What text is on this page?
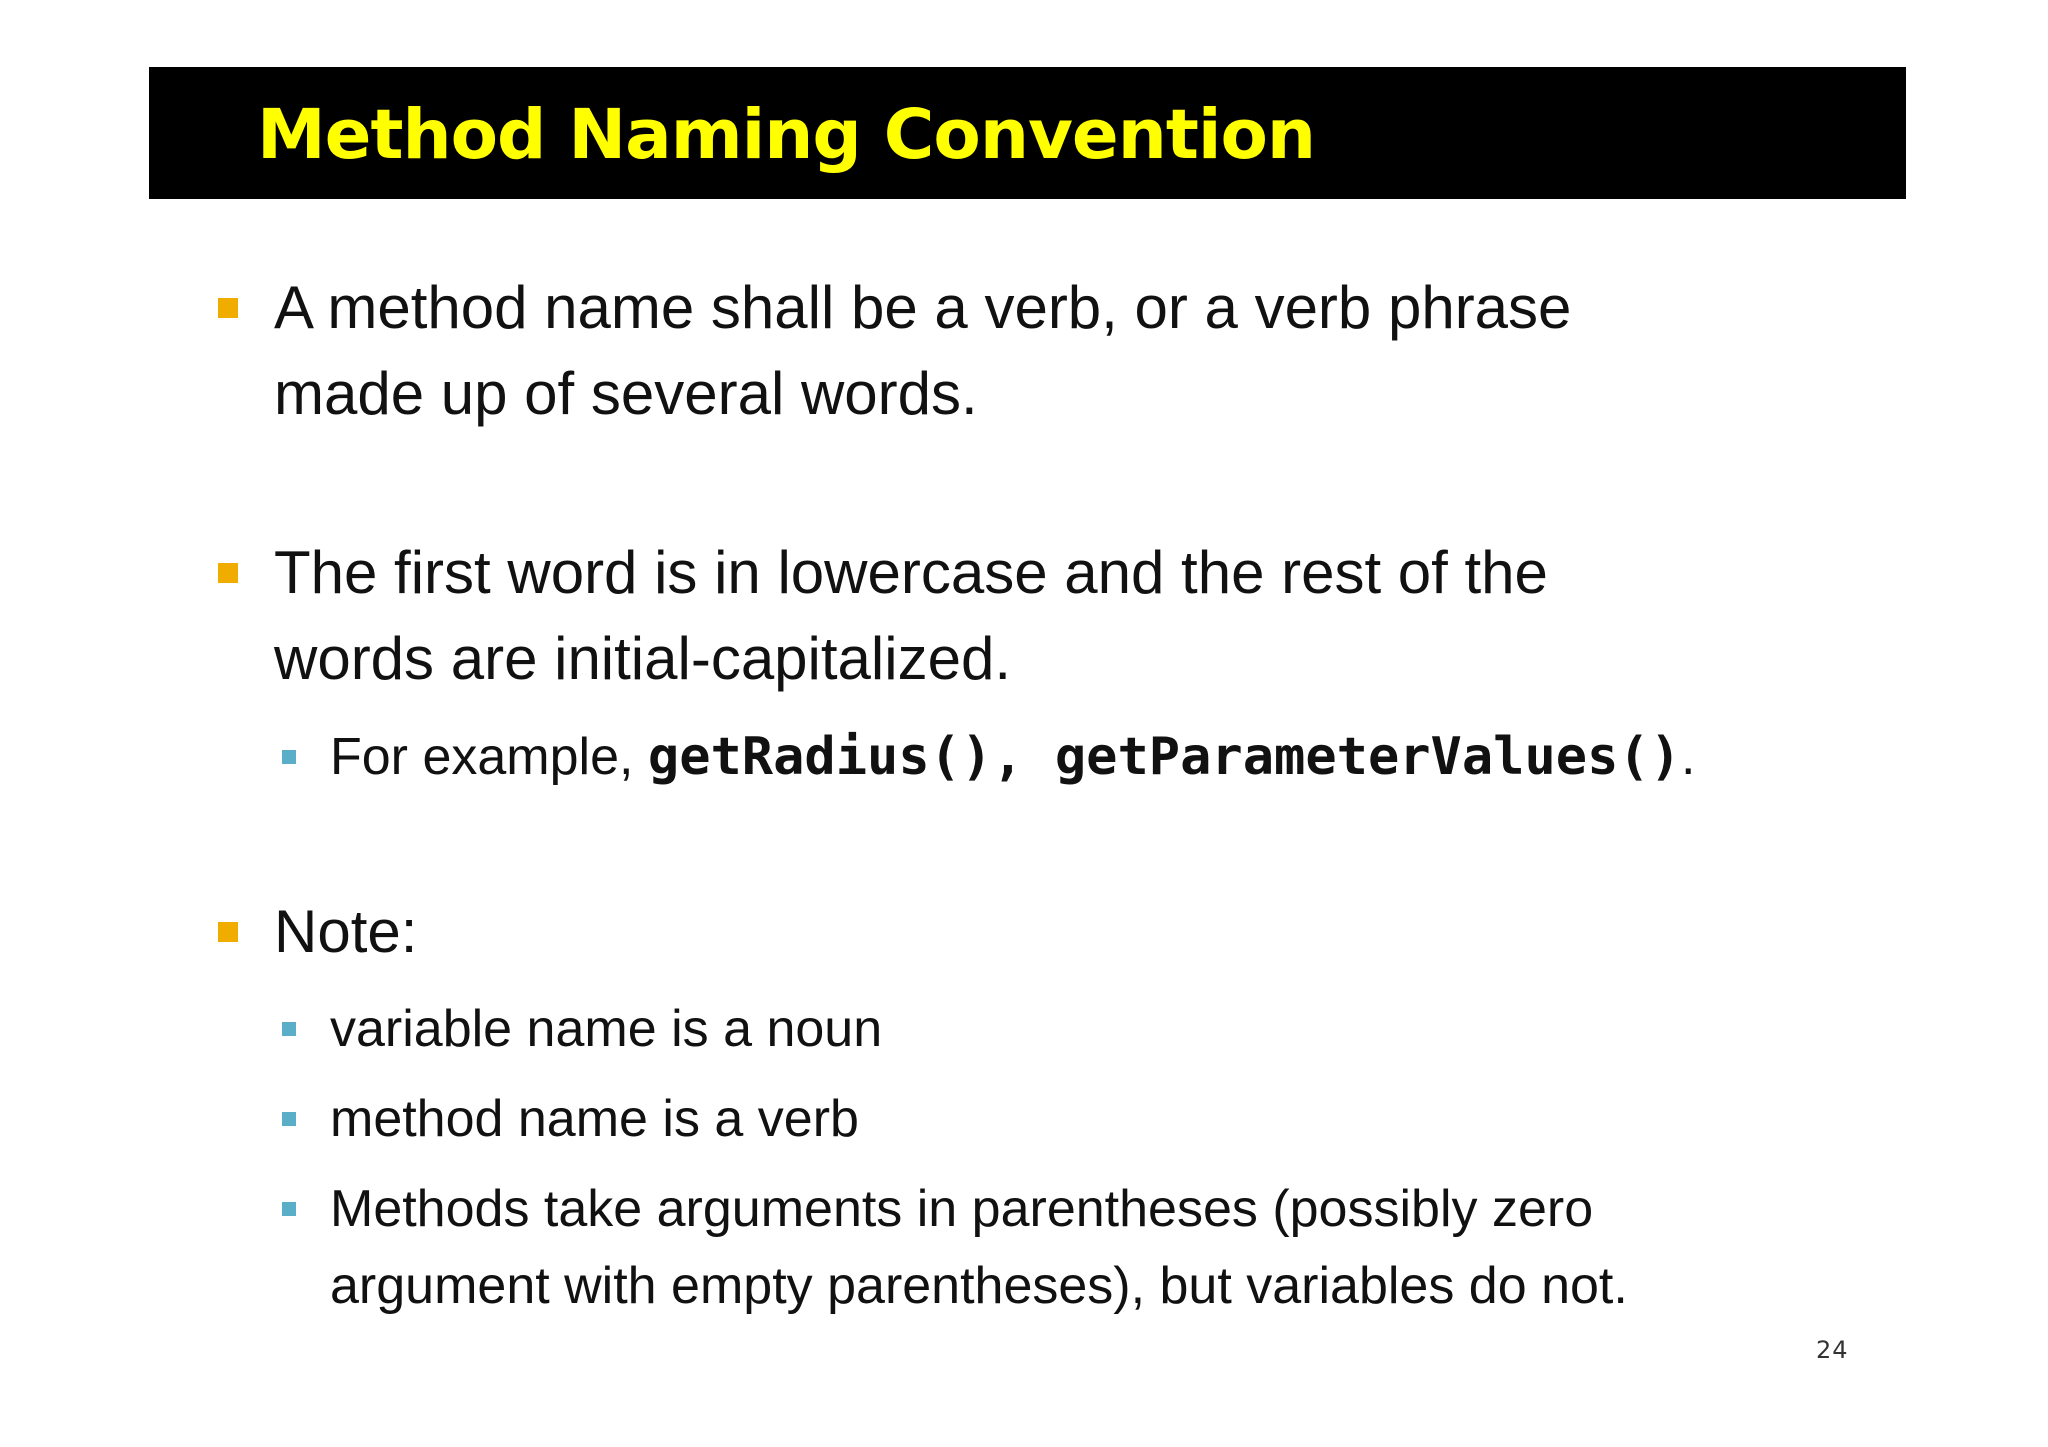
Method Naming Convention

A method name shall be a verb, or a verb phrase
made up of several words.

The first word is in lowercase and the rest of the
words are initial-capitalized.

For example, getRadius(), getParameterValues().

Note:

variable name is a noun

method name is a verb

Methods take arguments in parentheses (possibly zero
argument with empty parentheses), but variables do not.

24
